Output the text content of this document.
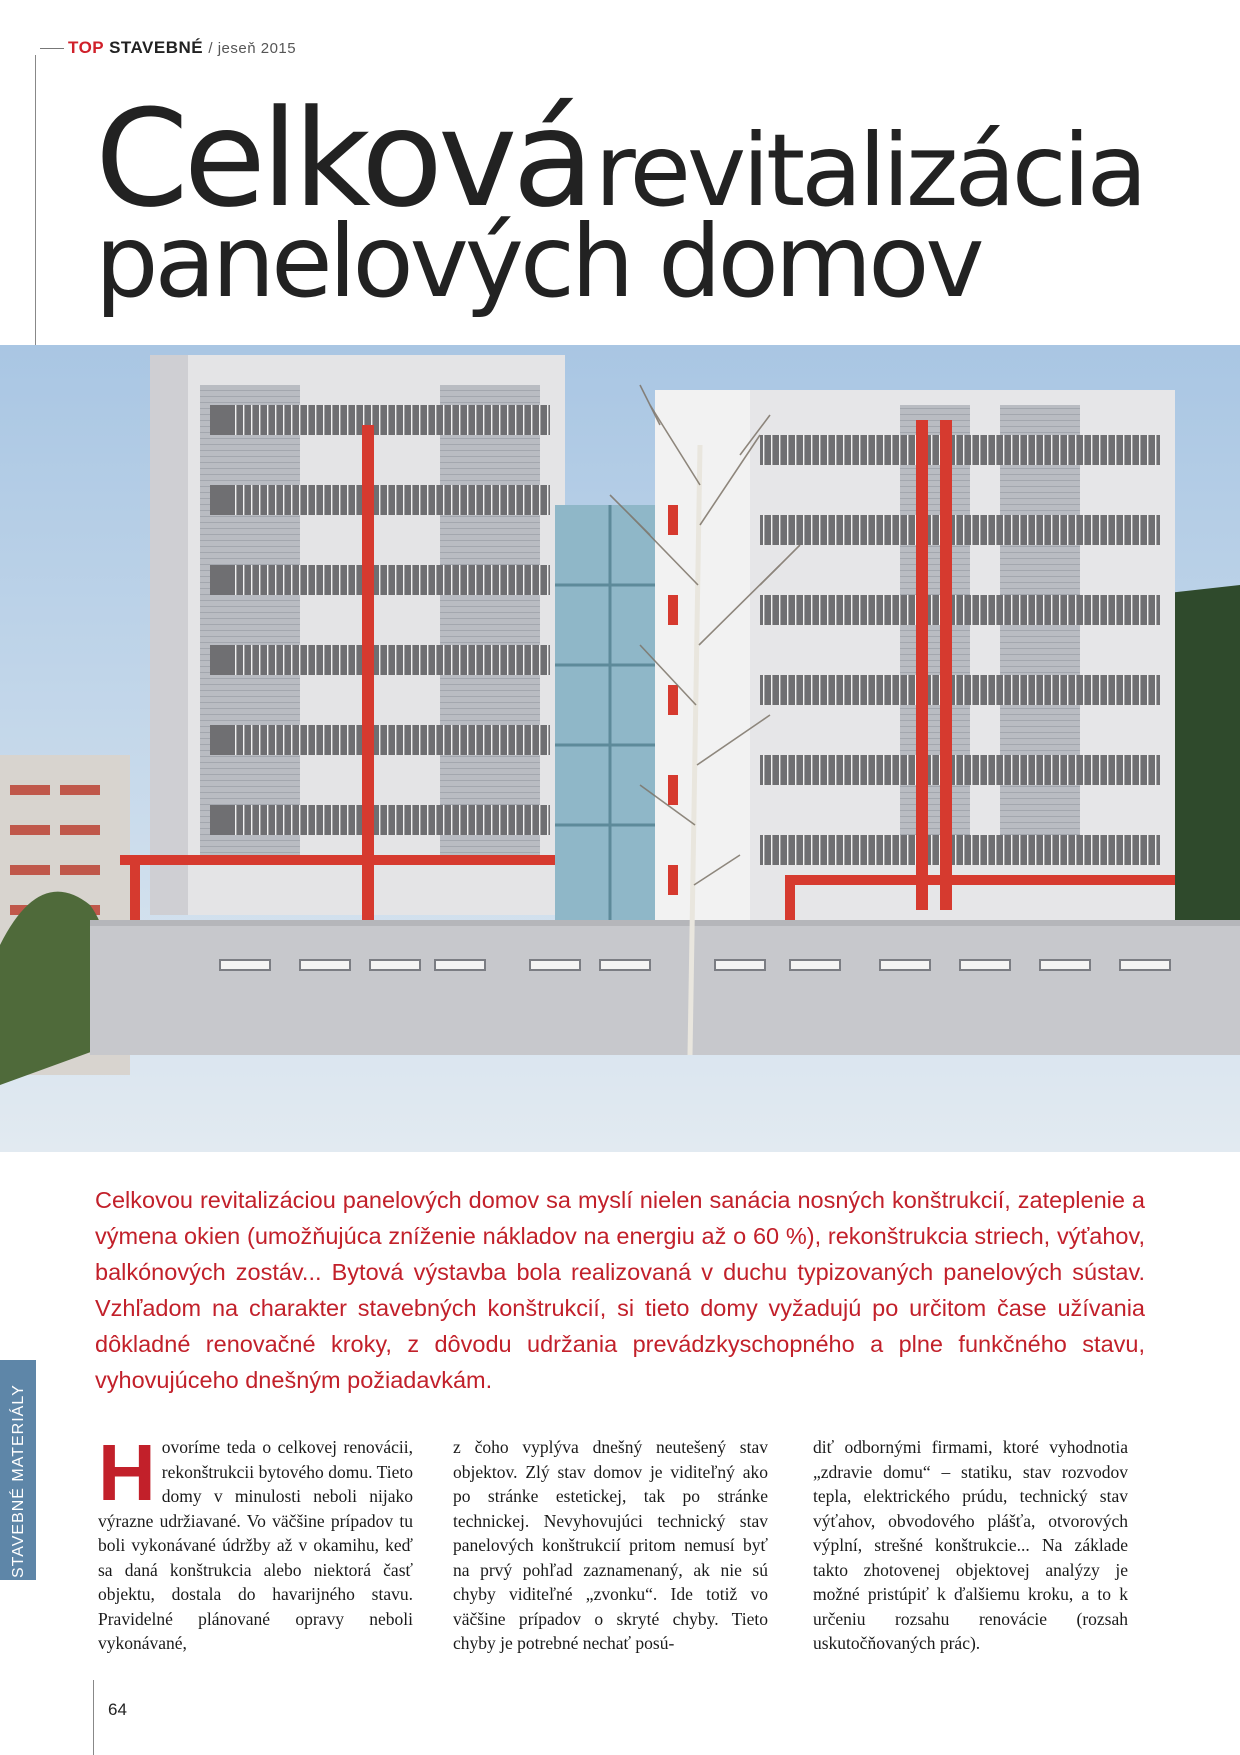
TOP STAVEBNÉ / jeseň 2015
Celková revitalizácia
panelových domov

Celkovou revitalizáciou panelových domov sa myslí nielen sanácia nosných konštrukcií, zateplenie a výmena okien (umožňujúca zníženie nákladov na energiu až o 60 %), rekonštrukcia striech, výťahov, balkónových zostáv... Bytová výstavba bola realizovaná v duchu typizovaných panelových sústav. Vzhľadom na charakter stavebných konštrukcií, si tieto domy vyžadujú po určitom čase užívania dôkladné renovačné kroky, z dôvodu udržania prevádzkyschopného a plne funkčného stavu, vyhovujúceho dnešným požiadavkám.

STAVEBNÉ MATERIÁLY Hovoríme teda o celkovej renovácii, rekonštrukcii bytového domu. Tieto domy v minulosti neboli nijako výrazne udržiavané. Vo väčšine prípadov tu boli vykonávané údržby až v okamihu, keď sa daná konštrukcia alebo niektorá časť objektu, dostala do havarijného stavu. Pravidelné plánované opravy neboli vykonávané,

z čoho vyplýva dnešný neutešený stav objektov. Zlý stav domov je viditeľný ako po stránke estetickej, tak po stránke technickej. Nevyhovujúci technický stav panelových konštrukcií pritom nemusí byť na prvý pohľad zaznamenaný, ak nie sú chyby viditeľné „zvonku“. Ide totiž vo väčšine prípadov o skryté chyby. Tieto chyby je potrebné nechať posú-

diť odbornými firmami, ktoré vyhodnotia „zdravie domu“ – statiku, stav rozvodov tepla, elektrického prúdu, technický stav výťahov, obvodového plášťa, otvorových výplní, strešné konštrukcie... Na základe takto zhotovenej objektovej analýzy je možné pristúpiť k ďalšiemu kroku, a to k určeniu rozsahu renovácie (rozsah uskutočňovaných prác).

64
